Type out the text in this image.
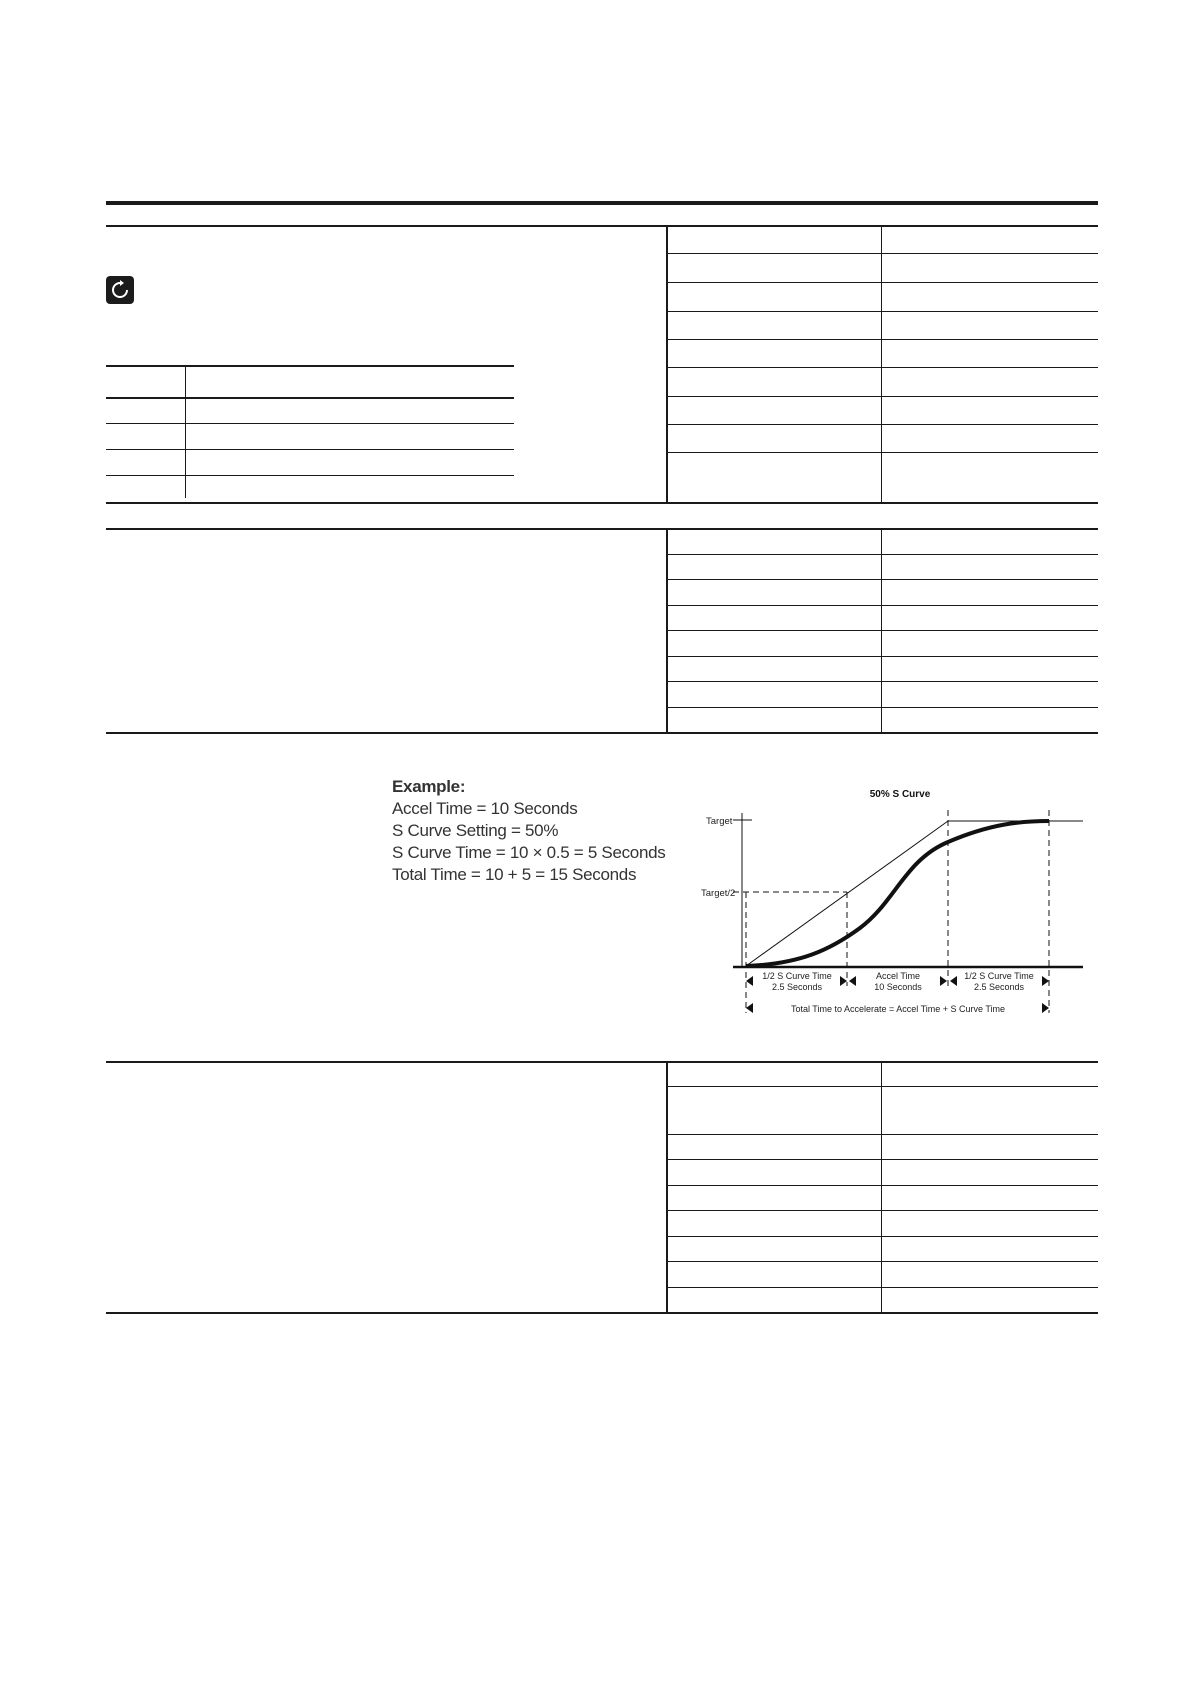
Example:
Accel Time = 10 Seconds
S Curve Setting = 50%
S Curve Time = 10 × 0.5 = 5 Seconds
Total Time = 10 + 5 = 15 Seconds
50% S Curve
Target
Target/2
1/2 S Curve Time
2.5 Seconds
Accel Time
10 Seconds
1/2 S Curve Time
2.5 Seconds
Total Time to Accelerate = Accel Time + S Curve Time
